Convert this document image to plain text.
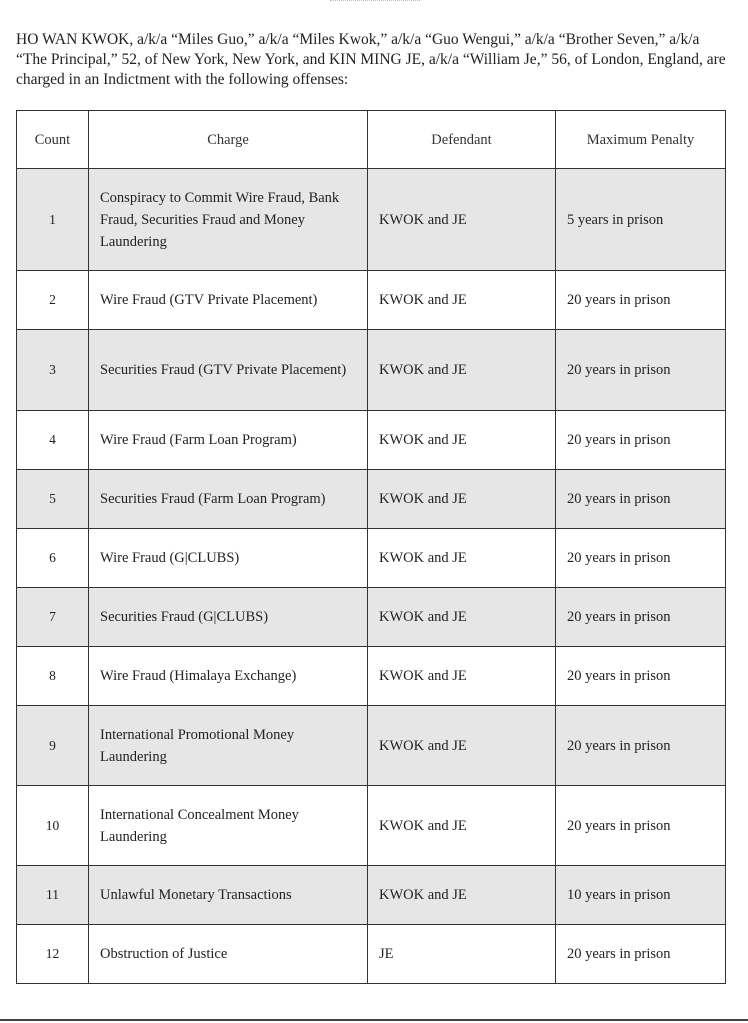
HO WAN KWOK, a/k/a “Miles Guo,” a/k/a “Miles Kwok,” a/k/a “Guo Wengui,” a/k/a “Brother Seven,” a/k/a “The Principal,” 52, of New York, New York, and KIN MING JE, a/k/a “William Je,” 56, of London, England, are charged in an Indictment with the following offenses:

Count	Charge	Defendant	Maximum Penalty
1	Conspiracy to Commit Wire Fraud, Bank Fraud, Securities Fraud and Money Laundering	KWOK and JE	5 years in prison
2	Wire Fraud (GTV Private Placement)	KWOK and JE	20 years in prison
3	Securities Fraud (GTV Private Placement)	KWOK and JE	20 years in prison
4	Wire Fraud (Farm Loan Program)	KWOK and JE	20 years in prison
5	Securities Fraud (Farm Loan Program)	KWOK and JE	20 years in prison
6	Wire Fraud (G|CLUBS)	KWOK and JE	20 years in prison
7	Securities Fraud (G|CLUBS)	KWOK and JE	20 years in prison
8	Wire Fraud (Himalaya Exchange)	KWOK and JE	20 years in prison
9	International Promotional Money Laundering	KWOK and JE	20 years in prison
10	International Concealment Money Laundering	KWOK and JE	20 years in prison
11	Unlawful Monetary Transactions	KWOK and JE	10 years in prison
12	Obstruction of Justice	JE	20 years in prison
